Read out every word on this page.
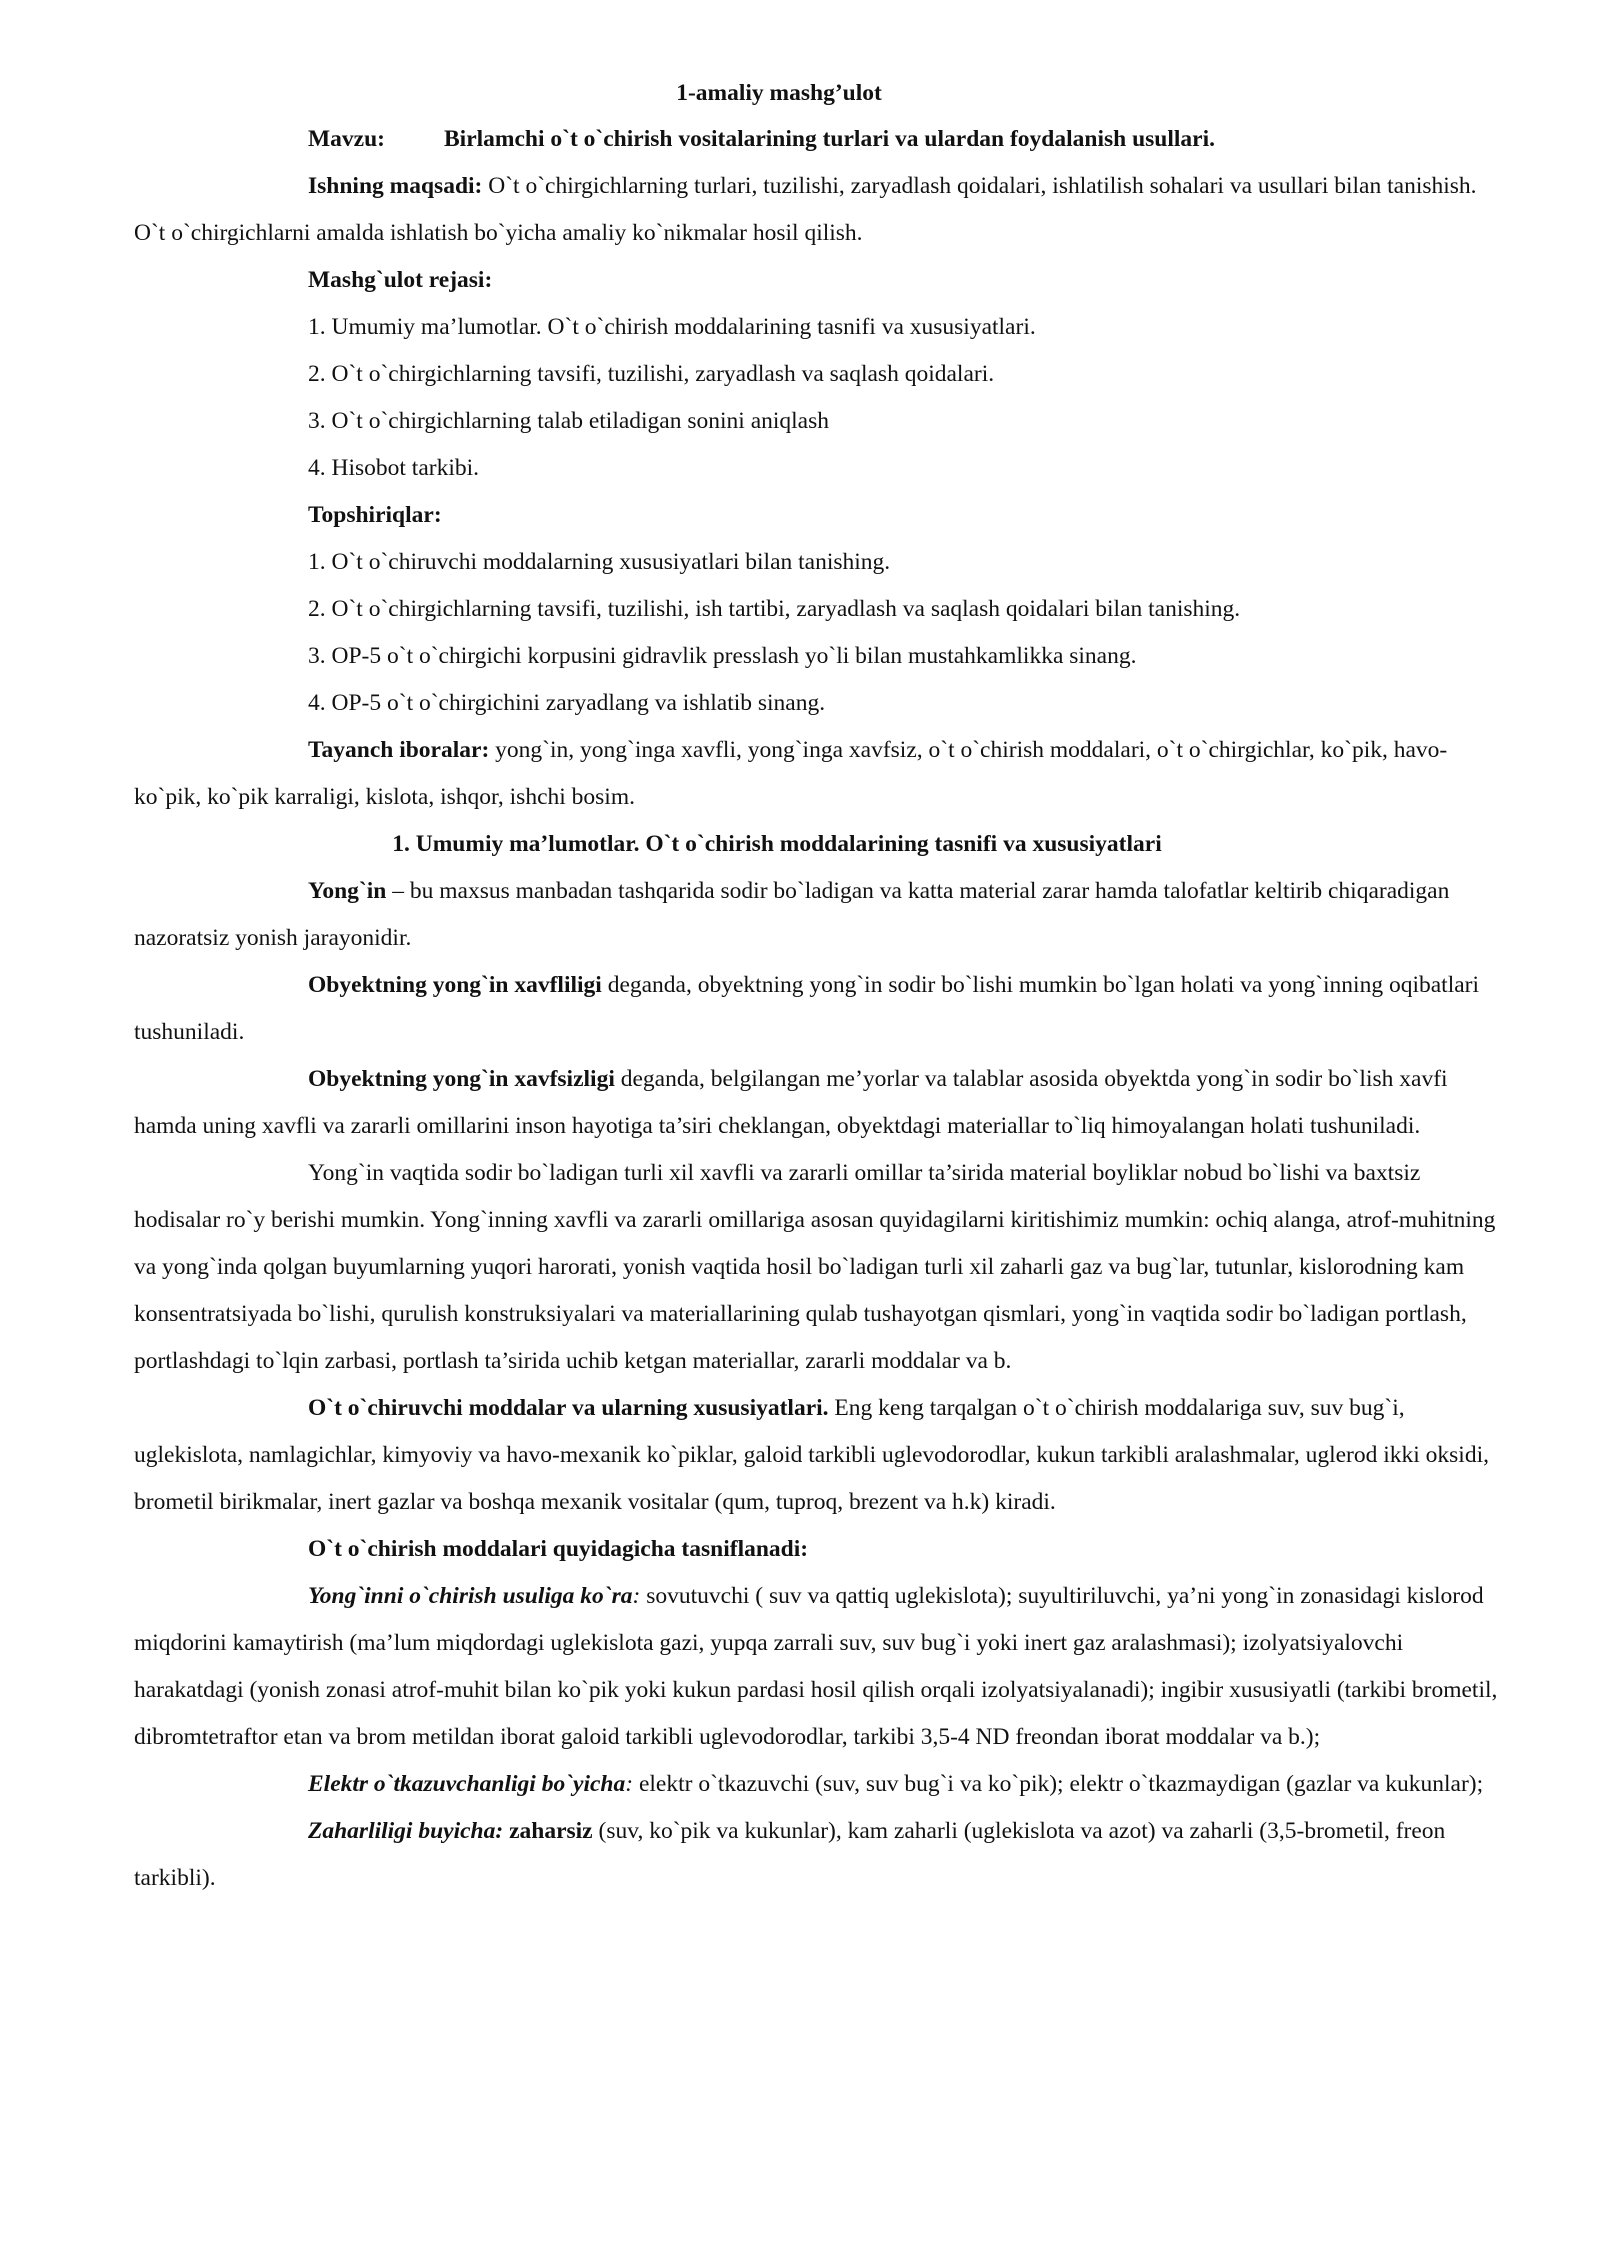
1-amaliy mashg’ulot
Mavzu:	Birlamchi o`t o`chirish vositalarining turlari va ulardan foydalanish usullari.

Ishning maqsadi: O`t o`chirgichlarning turlari, tuzilishi, zaryadlash qoidalari, ishlatilish sohalari va usullari bilan tanishish. O`t o`chirgichlarni amalda ishlatish bo`yicha amaliy ko`nikmalar hosil qilish.

Mashg`ulot rejasi:

1. Umumiy ma’lumotlar. O`t o`chirish moddalarining tasnifi va xususiyatlari.

2. O`t o`chirgichlarning tavsifi, tuzilishi, zaryadlash va saqlash qoidalari.

3. O`t o`chirgichlarning talab etiladigan sonini aniqlash

4. Hisobot tarkibi.

Topshiriqlar:

1. O`t o`chiruvchi moddalarning xususiyatlari bilan tanishing.

2. O`t o`chirgichlarning tavsifi, tuzilishi, ish tartibi, zaryadlash va saqlash qoidalari bilan tanishing.

3. OP-5 o`t o`chirgichi korpusini gidravlik presslash yo`li bilan mustahkamlikka sinang.

4. OP-5 o`t o`chirgichini zaryadlang va ishlatib sinang.

Tayanch iboralar: yong`in, yong`inga xavfli, yong`inga xavfsiz, o`t o`chirish moddalari, o`t o`chirgichlar, ko`pik, havo-ko`pik, ko`pik karraligi, kislota, ishqor, ishchi bosim.

1. Umumiy ma’lumotlar. O`t o`chirish moddalarining tasnifi va xususiyatlari

Yong`in – bu maxsus manbadan tashqarida sodir bo`ladigan va katta material zarar hamda talofatlar keltirib chiqaradigan nazoratsiz yonish jarayonidir.

Obyektning yong`in xavfliligi deganda, obyektning yong`in sodir bo`lishi mumkin bo`lgan holati va yong`inning oqibatlari tushuniladi.

Obyektning yong`in xavfsizligi deganda, belgilangan me’yorlar va talablar asosida obyektda yong`in sodir bo`lish xavfi hamda uning xavfli va zararli omillarini inson hayotiga ta’siri cheklangan, obyektdagi materiallar to`liq himoyalangan holati tushuniladi.

Yong`in vaqtida sodir bo`ladigan turli xil xavfli va zararli omillar ta’sirida material boyliklar nobud bo`lishi va baxtsiz hodisalar ro`y berishi mumkin. Yong`inning xavfli va zararli omillariga asosan quyidagilarni kiritishimiz mumkin: ochiq alanga, atrof-muhitning va yong`inda qolgan buyumlarning yuqori harorati, yonish vaqtida hosil bo`ladigan turli xil zaharli gaz va bug`lar, tutunlar, kislorodning kam konsentratsiyada bo`lishi, qurulish konstruksiyalari va materiallarining qulab tushayotgan qismlari, yong`in vaqtida sodir bo`ladigan portlash, portlashdagi to`lqin zarbasi, portlash ta’sirida uchib ketgan materiallar, zararli moddalar va b.

O`t o`chiruvchi moddalar va ularning xususiyatlari. Eng keng tarqalgan o`t o`chirish moddalariga suv, suv bug`i, uglekislota, namlagichlar, kimyoviy va havo-mexanik ko`piklar, galoid tarkibli uglevodorodlar, kukun tarkibli aralashmalar, uglerod ikki oksidi, brometil birikmalar, inert gazlar va boshqa mexanik vositalar (qum, tuproq, brezent va h.k) kiradi.

O`t o`chirish moddalari quyidagicha tasniflanadi:

Yong`inni o`chirish usuliga ko`ra: sovutuvchi ( suv va qattiq uglekislota); suyultiriluvchi, ya’ni yong`in zonasidagi kislorod miqdorini kamaytirish (ma’lum miqdordagi uglekislota gazi, yupqa zarrali suv, suv bug`i yoki inert gaz aralashmasi); izolyatsiyalovchi harakatdagi (yonish zonasi atrof-muhit bilan ko`pik yoki kukun pardasi hosil qilish orqali izolyatsiyalanadi); ingibir xususiyatli (tarkibi brometil, dibromtetraftor etan va brom metildan iborat galoid tarkibli uglevodorodlar, tarkibi 3,5-4 ND freondan iborat moddalar va b.);

Elektr o`tkazuvchanligi bo`yicha: elektr o`tkazuvchi (suv, suv bug`i va ko`pik); elektr o`tkazmaydigan (gazlar va kukunlar);

Zaharliligi buyicha: zaharsiz (suv, ko`pik va kukunlar), kam zaharli (uglekislota va azot) va zaharli (3,5-brometil, freon tarkibli).
